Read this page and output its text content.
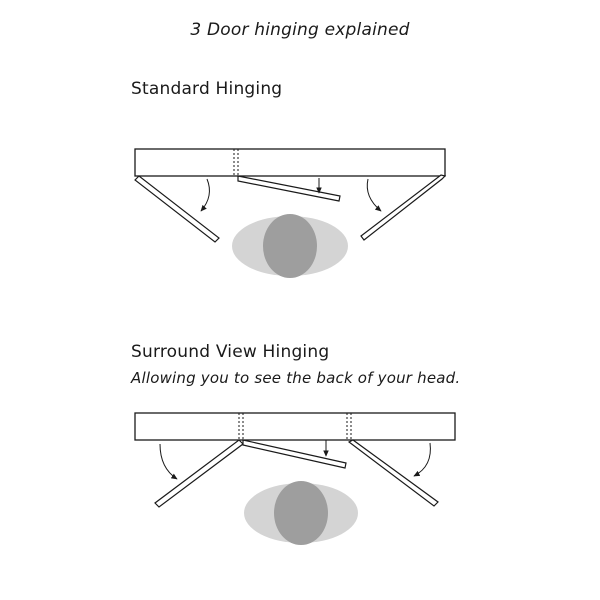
3 Door hinging explained
Standard Hinging
Surround View Hinging
Allowing you to see the back of your head.
